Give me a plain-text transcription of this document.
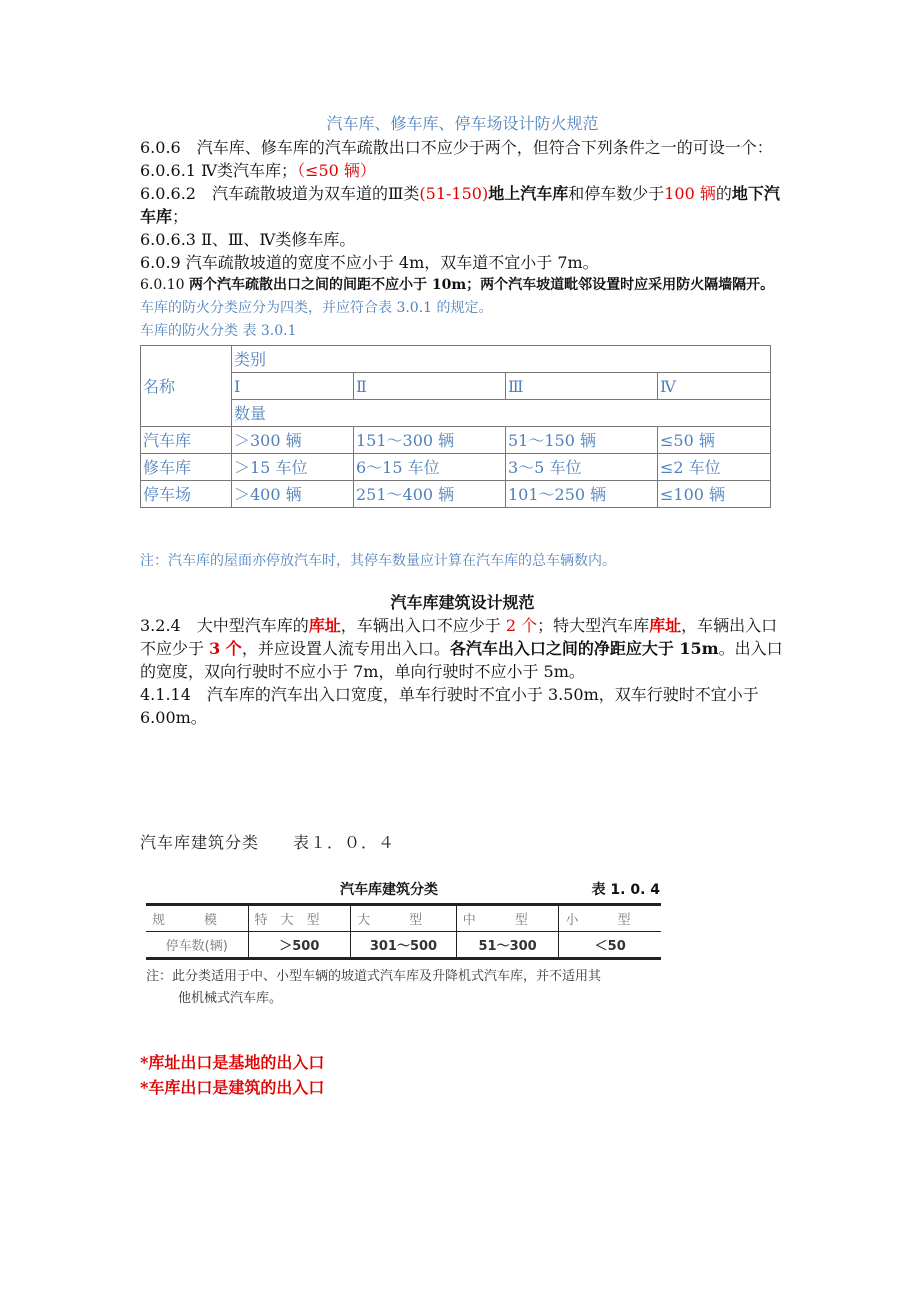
汽车库、修车库、停车场设计防火规范

6.0.6　汽车库、修车库的汽车疏散出口不应少于两个，但符合下列条件之一的可设一个：

6.0.6.1 Ⅳ类汽车库；（≤50 辆）

6.0.6.2　汽车疏散坡道为双车道的Ⅲ类(51-150)地上汽车库和停车数少于100 辆的地下汽车库；

6.0.6.3 Ⅱ、Ⅲ、Ⅳ类修车库。

6.0.9 汽车疏散坡道的宽度不应小于 4m，双车道不宜小于 7m。

6.0.10 两个汽车疏散出口之间的间距不应小于 10m；两个汽车坡道毗邻设置时应采用防火隔墙隔开。

车库的防火分类应分为四类，并应符合表 3.0.1 的规定。

车库的防火分类 表 3.0.1

名称	类别			
	Ⅰ	Ⅱ	Ⅲ	Ⅳ
	数量			
汽车库	＞300 辆	151～300 辆	51～150 辆	≤50 辆
修车库	＞15 车位	6～15 车位	3～5 车位	≤2 车位
停车场	＞400 辆	251～400 辆	101～250 辆	≤100 辆

注：汽车库的屋面亦停放汽车时，其停车数量应计算在汽车库的总车辆数内。

汽车库建筑设计规范

3.2.4　大中型汽车库的库址，车辆出入口不应少于 2 个；特大型汽车库库址，车辆出入口不应少于 3 个，并应设置人流专用出入口。各汽车出入口之间的净距应大于 15m。出入口的宽度，双向行驶时不应小于 7m，单向行驶时不应小于 5m。

4.1.14　汽车库的汽车出入口宽度，单车行驶时不宜小于 3.50m，双车行驶时不宜小于 6.00m。

汽车库建筑分类 表１．０．４
汽车库建筑分类	表 1. 0. 4
规　　　模	特　大　型	大　　　型	中　　　型	小　　　型
停车数(辆)	＞500	301～500	51～300	＜50
注：此分类适用于中、小型车辆的坡道式汽车库及升降机式汽车库，并不适用其
他机械式汽车库。
*库址出口是基地的出入口
*车库出口是建筑的出入口
